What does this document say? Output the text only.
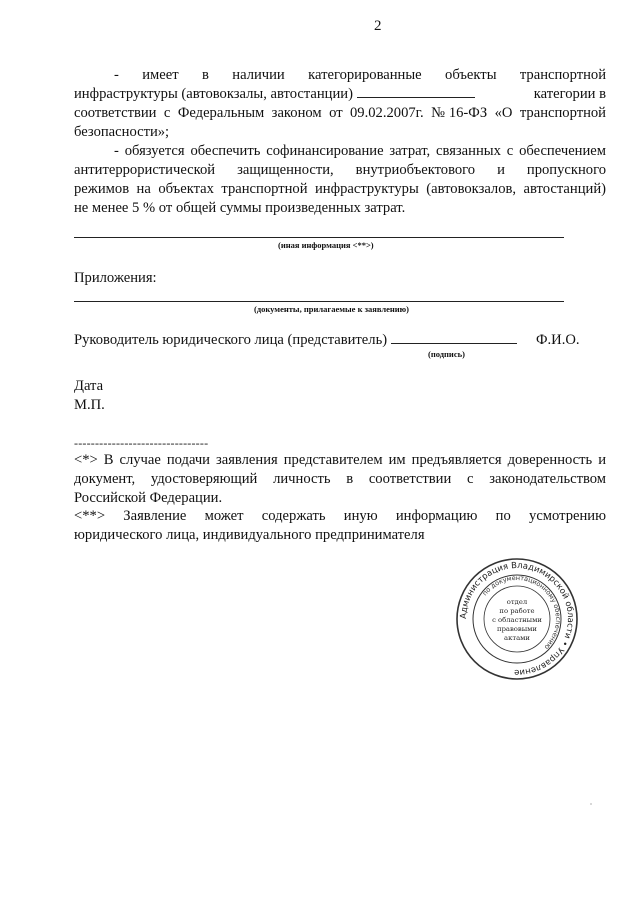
2
- имеет в наличии категорированные объекты транспортной
инфраструктуры (автовокзалы, автостанции)	категории в
соответствии с Федеральным законом от 09.02.2007г. №16-ФЗ «О транспортной
безопасности»;
- обязуется обеспечить софинансирование затрат, связанных с обеспечением
антитеррористической защищенности, внутриобъектового и пропускного
режимов на объектах транспортной инфраструктуры (автовокзалов, автостанций)
не менее 5 % от общей суммы произведенных затрат.
(иная информация <**>)
Приложения:
(документы, прилагаемые к заявлению)
Руководитель юридического лица (представитель)	Ф.И.О.
(подпись)
Дата
М.П.
--------------------------------
<*> В случае подачи заявления представителем им предъявляется доверенность и
документ, удостоверяющий личность в соответствии с законодательством
Российской Федерации.
<**> Заявление может содержать иную информацию по усмотрению
юридического лица, индивидуального предпринимателя
Администрация Владимирской области • Управление
по документационному обеспечению
отдел
по работе
с областными
правовыми
актами
